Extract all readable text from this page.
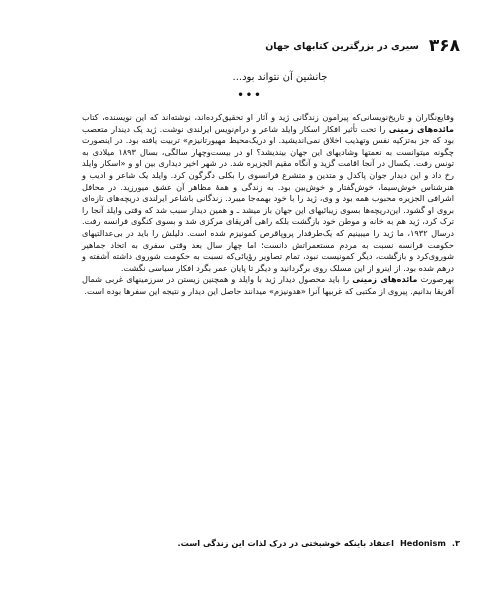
۳۶۸
سیری در بزرگترین کتابهای جهان
جانشین آن نتواند بود...
•••

وقایع‌نگاران و تاریخ‌نویسانی‌که پیرامون زندگانی ژید و آثار او تحقیق‌کرده‌اند، نوشته‌اند که این نویسنده، کتاب مائده‌های زمینی را تحت تأثیر افکار اسکار وایلد شاعر و درام‌نویس ایرلندی نوشت. ژید یک دیندار متعصب بود که جز به‌تزکیه نفس وتهذیب اخلاق نمی‌اندیشید. او دریک‌محیط مهیورتانیزم» تربیت یافته بود. در اینصورت چگونه میتوانست به نعمتها وشادیهای این جهان بیندیشد؟ او در بیست‌وچهار سالگی، بسال ۱۸۹۳ میلادی به تونس رفت. یکسال در آنجا اقامت گزید و آنگاه مقیم الجزیره شد. در شهر اخیر دیداری بین او و «اسکار وایلد رخ داد و این دیدار جوان پاکدل و متدین و متشرع فرانسوی را بکلی دگرگون کرد. وایلد یک شاعر و ادیب و هنرشناس خوش‌سیما، خوش‌گفتار و خوش‌بین بود. به زندگی و همهٔ مظاهر آن عشق میورزید. در محافل اشرافی الجزیره محبوب همه بود و وی، ژید را با خود بهمه‌جا میبرد. زندگانی باشاعر ایرلندی دریچه‌های تازه‌ای بروی او گشود. این‌دریچه‌ها بسوی زیبائیهای این جهان باز میشد ـ و همین دیدار سبب شد که وقتی وایلد آنجا را ترک کرد، ژید هم به خانه و موطن خود بازگشت بلکه راهی آفریقای مرکزی شد و بسوی کنگوی فرانسه رفت. درسال ۱۹۳۲، ما ژید را میبینیم که یک‌طرفدار پروپاقرص کمونیزم شده است. دلیلش را باید در بی‌عدالتیهای حکومت فرانسه نسبت به مردم مستعمراتش دانست؛ اما چهار سال بعد وقتی سفری به اتحاد جماهیر شوروی‌کرد و بازگشت، دیگر کمونیست نبود، تمام تصاویر رؤیائی‌که نسبت به حکومت شوروی داشته آشفته و درهم شده بود. از اینرو از این مسلک روی برگردانید و دیگر تا پایان عمر بگرد افکار سیاسی نگشت.

بهرصورت مائده‌های زمینی را باید محصول دیدار ژید با وایلد و همچنین زیستن در سرزمینهای غربی شمال آفریقا بدانیم. پیروی از مکتبی که غربیها آنرا «هدونیزم» میدانند حاصل این دیدار و نتیجه این سفرها بوده است.

۳.
Hedonism
اعتقاد باینکه خوشبختی در درک لذات این زندگی است.
